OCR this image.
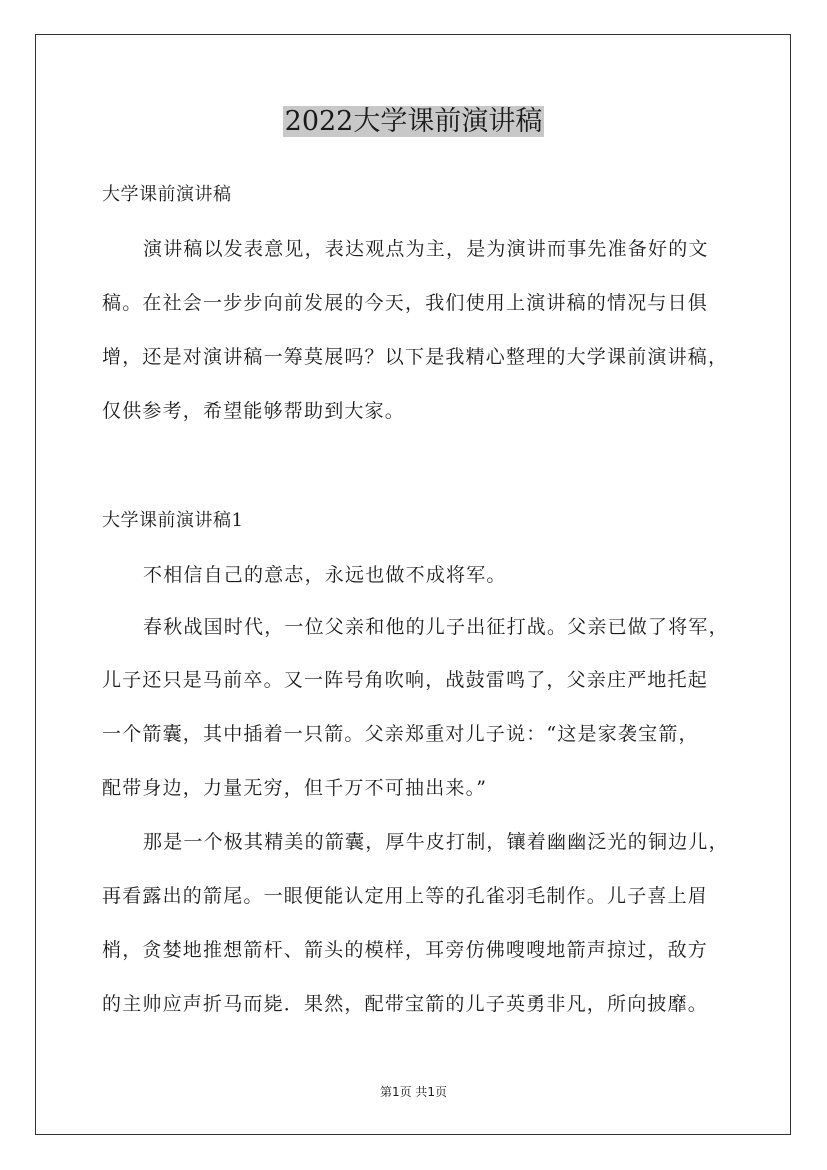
2022大学课前演讲稿
大学课前演讲稿
演讲稿以发表意见，表达观点为主，是为演讲而事先准备好的文
稿。在社会一步步向前发展的今天，我们使用上演讲稿的情况与日俱
增，还是对演讲稿一筹莫展吗？以下是我精心整理的大学课前演讲稿，
仅供参考，希望能够帮助到大家。
大学课前演讲稿1
不相信自己的意志，永远也做不成将军。
春秋战国时代，一位父亲和他的儿子出征打战。父亲已做了将军，
儿子还只是马前卒。又一阵号角吹响，战鼓雷鸣了，父亲庄严地托起
一个箭囊，其中插着一只箭。父亲郑重对儿子说：“这是家袭宝箭，
配带身边，力量无穷，但千万不可抽出来。”
那是一个极其精美的箭囊，厚牛皮打制，镶着幽幽泛光的铜边儿，
再看露出的箭尾。一眼便能认定用上等的孔雀羽毛制作。儿子喜上眉
梢，贪婪地推想箭杆、箭头的模样，耳旁仿佛嗖嗖地箭声掠过，敌方
的主帅应声折马而毙．果然，配带宝箭的儿子英勇非凡，所向披靡。
第1页 共1页
